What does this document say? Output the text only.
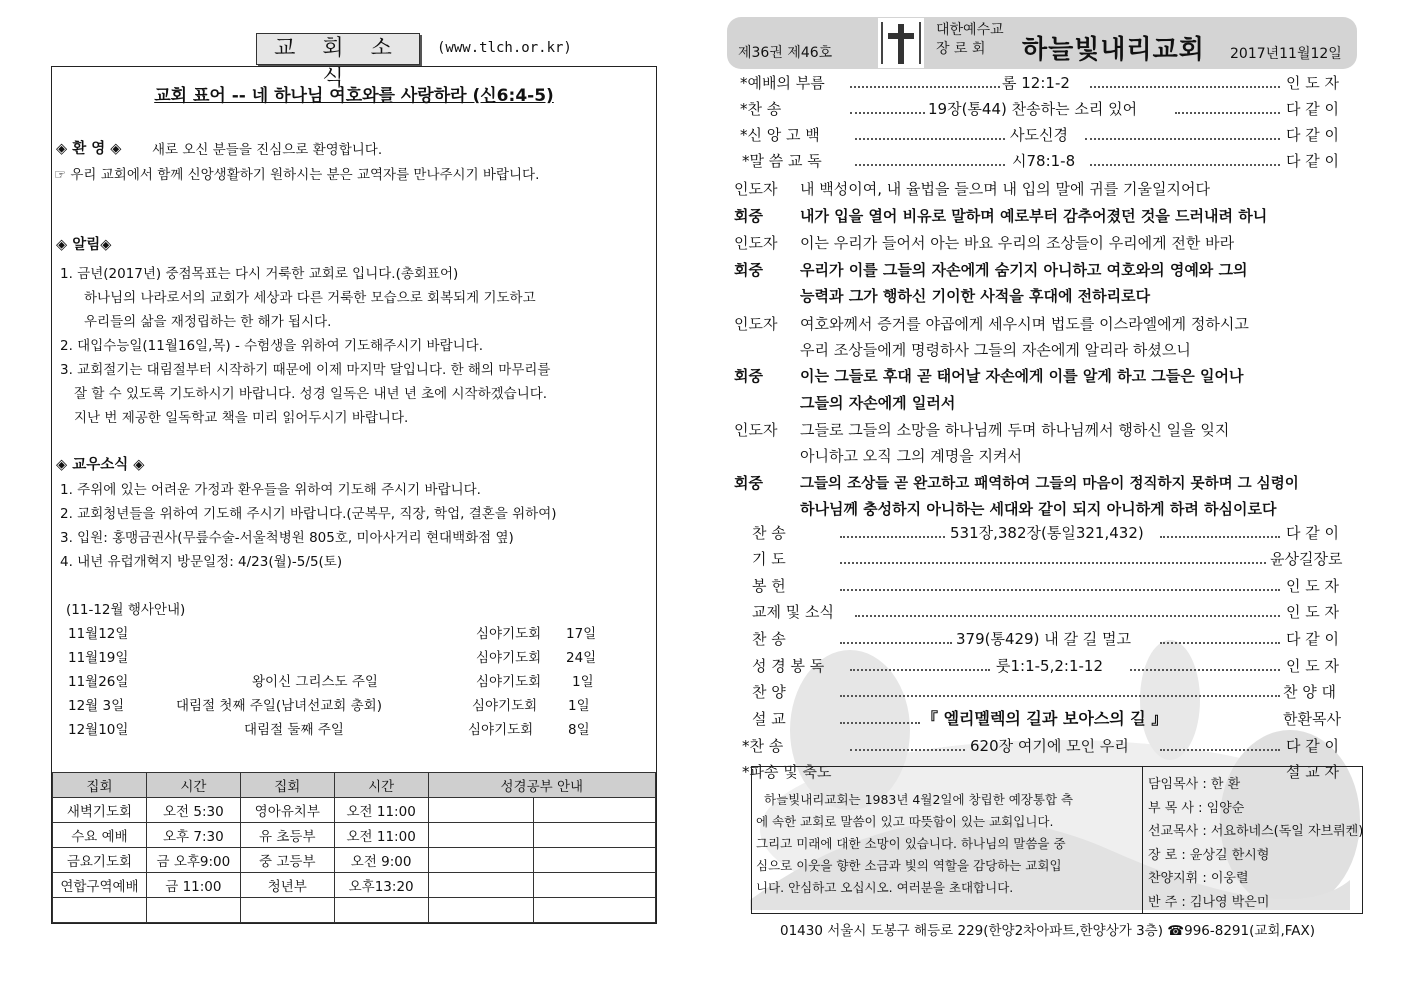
교 회 소 식
(www.tlch.or.kr)
교회 표어 -- 네 하나님 여호와를 사랑하라 (신6:4-5)
◈ 환 영 ◈ 새로 오신 분들을 진심으로 환영합니다.
☞ 우리 교회에서 함께 신앙생활하기 원하시는 분은 교역자를 만나주시기 바랍니다.
◈ 알림◈
1. 금년(2017년) 중점목표는 다시 거룩한 교회로 입니다.(총회표어)
하나님의 나라로서의 교회가 세상과 다른 거룩한 모습으로 회복되게 기도하고
우리들의 삶을 재정립하는 한 해가 됩시다.
2. 대입수능일(11월16일,목) - 수험생을 위하여 기도해주시기 바랍니다.
3. 교회절기는 대림절부터 시작하기 때문에 이제 마지막 달입니다. 한 해의 마무리를
잘 할 수 있도록 기도하시기 바랍니다. 성경 일독은 내년 년 초에 시작하겠습니다.
지난 번 제공한 일독학교 책을 미리 읽어두시기 바랍니다.
◈ 교우소식 ◈
1. 주위에 있는 어려운 가정과 환우들을 위하여 기도해 주시기 바랍니다.
2. 교회청년들을 위하여 기도해 주시기 바랍니다.(군복무, 직장, 학업, 결혼을 위하여)
3. 입원: 홍맹금권사(무릎수술-서울척병원 805호, 미아사거리 현대백화점 옆)
4. 내년 유럽개혁지 방문일정: 4/23(월)-5/5(토)
(11-12월 행사안내)
11월12일	심야기도회 17일
11월19일	심야기도회 24일
11월26일	왕이신 그리스도 주일	심야기도회 1일
12월 3일	대림절 첫째 주일(남녀선교회 총회)	심야기도회 1일
12월10일	대림절 둘째 주일	심야기도회	8일
집회	시간	집회	시간	성경공부 안내	
새벽기도회	오전 5:30	영아유치부	오전 11:00		
수요 예배	오후 7:30	유 초등부	오전 11:00		
금요기도회	금 오후9:00	중 고등부	오전 9:00		
연합구역예배	금 11:00	청년부	오후13:20		

제36권 제46호
대한예수교
장 로 회	하늘빛내리교회 2017년11월12일
*예배의 부름	롬 12:1-2	인 도 자
*찬 송	19장(통44) 찬송하는 소리 있어	다 같 이
*신 앙 고 백	사도신경	다 같 이
*말 씀 교 독	시78:1-8	다 같 이
인도자 내 백성이여, 내 율법을 들으며 내 입의 말에 귀를 기울일지어다
회중 내가 입을 열어 비유로 말하며 예로부터 감추어졌던 것을 드러내려 하니
인도자 이는 우리가 들어서 아는 바요 우리의 조상들이 우리에게 전한 바라
회중 우리가 이를 그들의 자손에게 숨기지 아니하고 여호와의 영예와 그의
능력과 그가 행하신 기이한 사적을 후대에 전하리로다
인도자 여호와께서 증거를 야곱에게 세우시며 법도를 이스라엘에게 정하시고
우리 조상들에게 명령하사 그들의 자손에게 알리라 하셨으니
회중 이는 그들로 후대 곧 태어날 자손에게 이를 알게 하고 그들은 일어나
그들의 자손에게 일러서
인도자 그들로 그들의 소망을 하나님께 두며 하나님께서 행하신 일을 잊지
아니하고 오직 그의 계명을 지켜서
회중	그들의 조상들 곧 완고하고 패역하여 그들의 마음이 정직하지 못하며 그 심령이
하나님께 충성하지 아니하는 세대와 같이 되지 아니하게 하려 하심이로다
찬 송	531장,382장(통일321,432)	다 같 이
기 도	윤상길장로
봉 헌	인 도 자
교제 및 소식	인 도 자
찬 송	379(통429) 내 갈 길 멀고	다 같 이
성 경 봉 독	룻1:1-5,2:1-12	인 도 자
찬 양	찬 양 대
설 교	『 엘리멜렉의 길과 보아스의 길 』	한환목사
*찬 송	620장 여기에 모인 우리	다 같 이
*파송 및 축도	설 교 자
하늘빛내리교회는 1983년 4월2일에 창립한 예장통합 측
에 속한 교회로 말씀이 있고 따뜻함이 있는 교회입니다.
그리고 미래에 대한 소망이 있습니다. 하나님의 말씀을 중
심으로 이웃을 향한 소금과 빛의 역할을 감당하는 교회입
니다. 안심하고 오십시오. 여러분을 초대합니다.
담임목사 : 한 환
부 목 사 : 임양순
선교목사 : 서요하네스(독일 자브뤼켄)
장 로 : 윤상길 한시형
찬양지휘 : 이웅렬
반 주 : 김나영 박은미
01430 서울시 도봉구 해등로 229(한양2차아파트,한양상가 3층) ☎996-8291(교회,FAX)
